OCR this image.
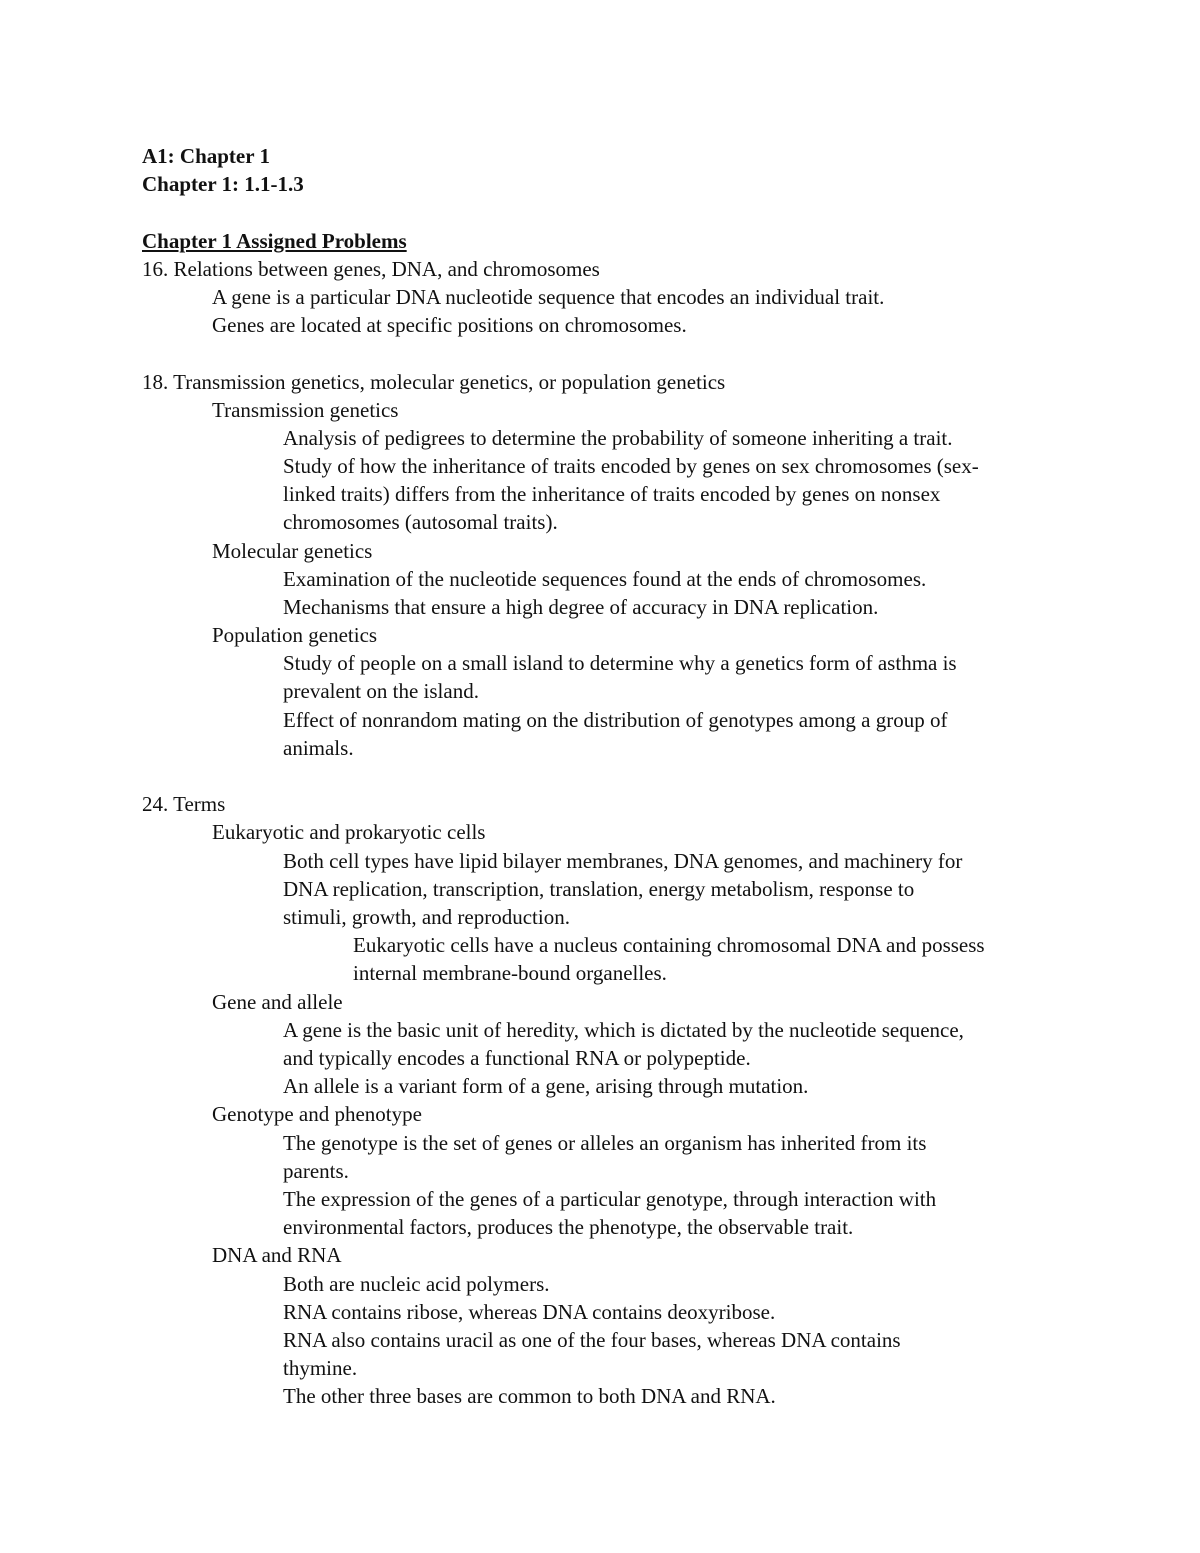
A1: Chapter 1
Chapter 1: 1.1-1.3
Chapter 1 Assigned Problems
16. Relations between genes, DNA, and chromosomes
A gene is a particular DNA nucleotide sequence that encodes an individual trait.
Genes are located at specific positions on chromosomes.
18. Transmission genetics, molecular genetics, or population genetics
Transmission genetics
Analysis of pedigrees to determine the probability of someone inheriting a trait.
Study of how the inheritance of traits encoded by genes on sex chromosomes (sex-
linked traits) differs from the inheritance of traits encoded by genes on nonsex
chromosomes (autosomal traits).
Molecular genetics
Examination of the nucleotide sequences found at the ends of chromosomes.
Mechanisms that ensure a high degree of accuracy in DNA replication.
Population genetics
Study of people on a small island to determine why a genetics form of asthma is
prevalent on the island.
Effect of nonrandom mating on the distribution of genotypes among a group of
animals.
24. Terms
Eukaryotic and prokaryotic cells
Both cell types have lipid bilayer membranes, DNA genomes, and machinery for
DNA replication, transcription, translation, energy metabolism, response to
stimuli, growth, and reproduction.
Eukaryotic cells have a nucleus containing chromosomal DNA and possess
internal membrane-bound organelles.
Gene and allele
A gene is the basic unit of heredity, which is dictated by the nucleotide sequence,
and typically encodes a functional RNA or polypeptide.
An allele is a variant form of a gene, arising through mutation.
Genotype and phenotype
The genotype is the set of genes or alleles an organism has inherited from its
parents.
The expression of the genes of a particular genotype, through interaction with
environmental factors, produces the phenotype, the observable trait.
DNA and RNA
Both are nucleic acid polymers.
RNA contains ribose, whereas DNA contains deoxyribose.
RNA also contains uracil as one of the four bases, whereas DNA contains
thymine.
The other three bases are common to both DNA and RNA.
